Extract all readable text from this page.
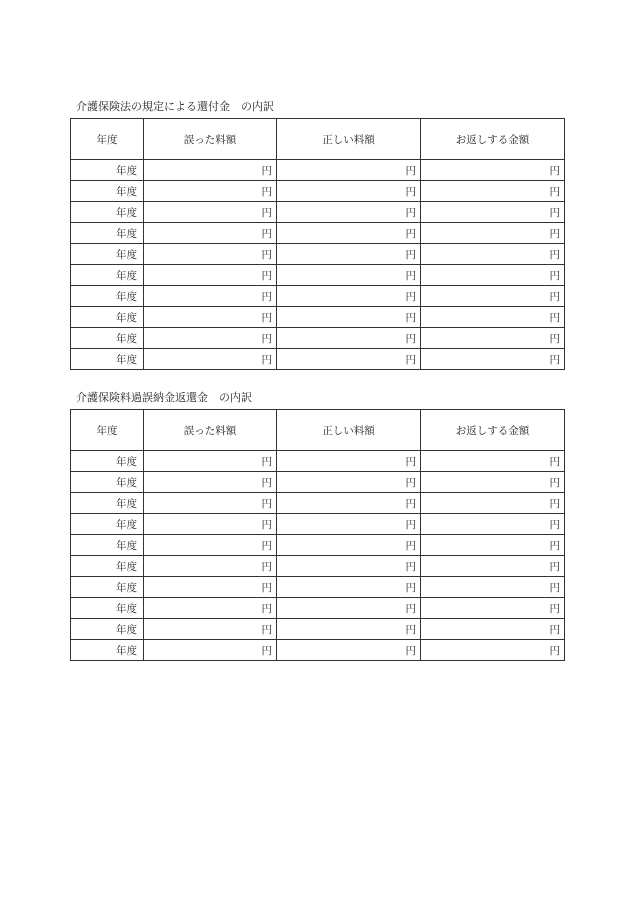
介護保険法の規定による還付金　の内訳
年度	誤った料額	正しい料額	お返しする金額
年度	円	円	円
年度	円	円	円
年度	円	円	円
年度	円	円	円
年度	円	円	円
年度	円	円	円
年度	円	円	円
年度	円	円	円
年度	円	円	円
年度	円	円	円
介護保険料過誤納金返還金　の内訳
年度	誤った料額	正しい料額	お返しする金額
年度	円	円	円
年度	円	円	円
年度	円	円	円
年度	円	円	円
年度	円	円	円
年度	円	円	円
年度	円	円	円
年度	円	円	円
年度	円	円	円
年度	円	円	円
